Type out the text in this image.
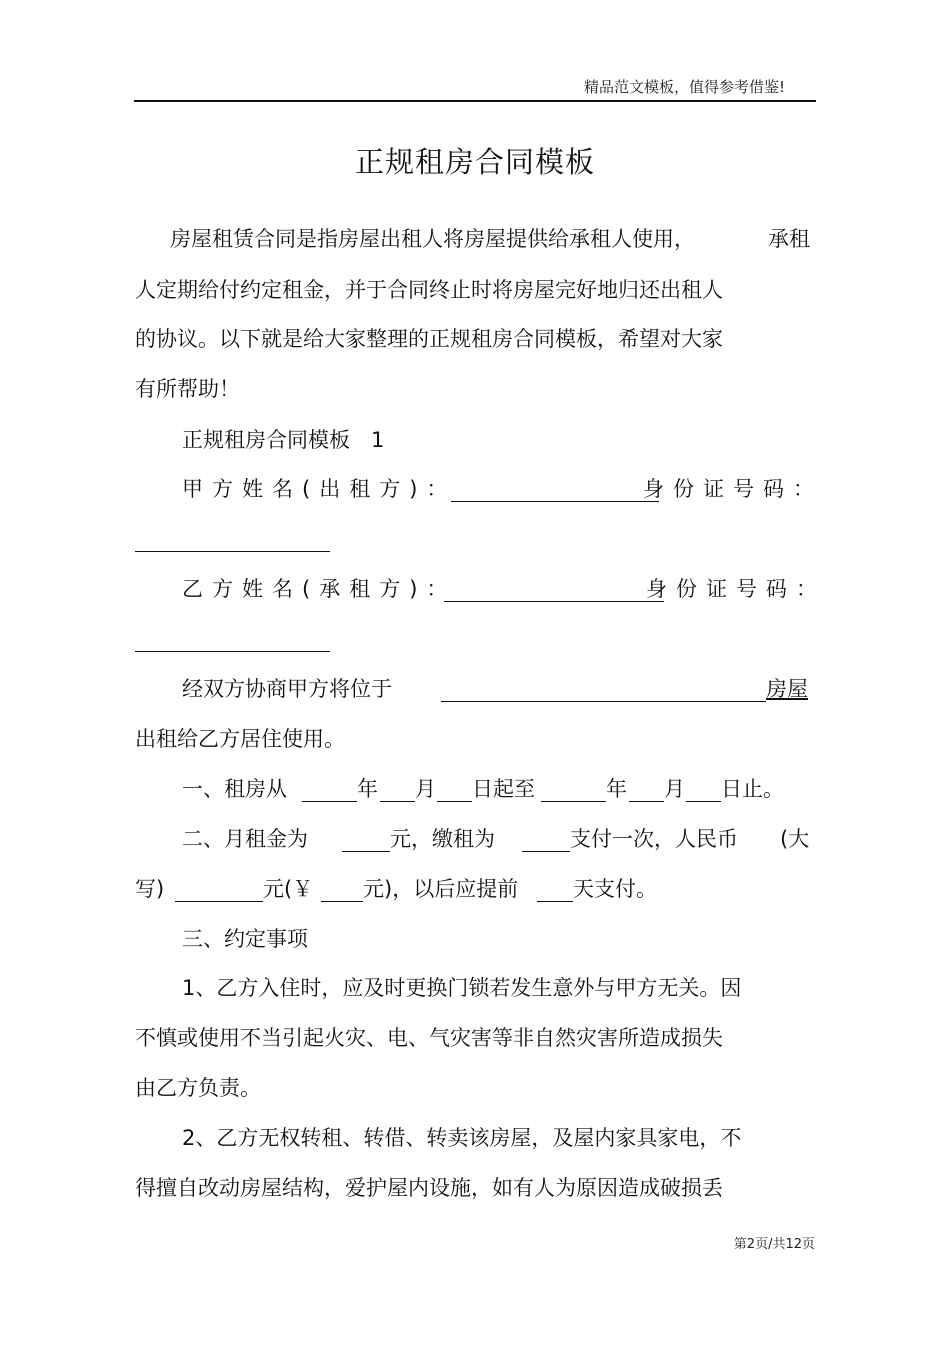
精品范文模板，值得参考借鉴!
正规租房合同模板
房屋租赁合同是指房屋出租人将房屋提供给承租人使用，	承租
人定期给付约定租金，并于合同终止时将房屋完好地归还出租人
的协议。以下就是给大家整理的正规租房合同模板，希望对大家
有所帮助！
正规租房合同模板　1
甲方姓名(出租方)：	身份证号码：
乙方姓名(承租方)：	身份证号码：
经双方协商甲方将位于	房屋
出租给乙方居住使用。
一、租房从	年 月 日起至	年 月 日止。
二、月租金为	元，缴租为	支付一次，人民币 (大
写)	元(￥ 元)，以后应提前	天支付。
三、约定事项
1、乙方入住时，应及时更换门锁若发生意外与甲方无关。因
不慎或使用不当引起火灾、电、气灾害等非自然灾害所造成损失
由乙方负责。
2、乙方无权转租、转借、转卖该房屋，及屋内家具家电，不
得擅自改动房屋结构，爱护屋内设施，如有人为原因造成破损丢
第2页/共12页
